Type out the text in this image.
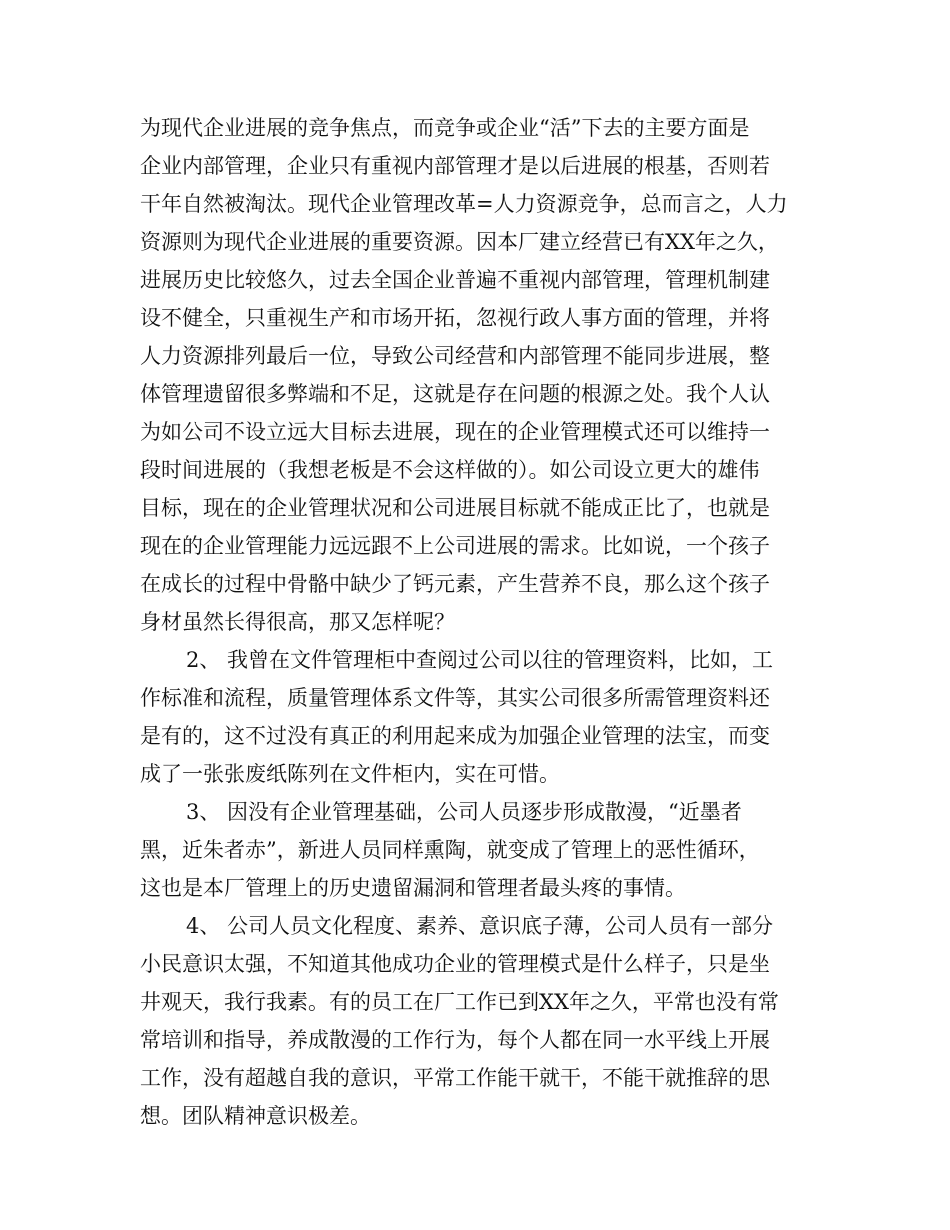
为现代企业进展的竞争焦点，而竞争或企业“活”下去的主要方面是
企业内部管理，企业只有重视内部管理才是以后进展的根基，否则若
干年自然被淘汰。现代企业管理改革=人力资源竞争，总而言之，人力
资源则为现代企业进展的重要资源。因本厂建立经营已有XX年之久，
进展历史比较悠久，过去全国企业普遍不重视内部管理，管理机制建
设不健全，只重视生产和市场开拓，忽视行政人事方面的管理，并将
人力资源排列最后一位，导致公司经营和内部管理不能同步进展，整
体管理遗留很多弊端和不足，这就是存在问题的根源之处。我个人认
为如公司不设立远大目标去进展，现在的企业管理模式还可以维持一
段时间进展的（我想老板是不会这样做的）。如公司设立更大的雄伟
目标，现在的企业管理状况和公司进展目标就不能成正比了，也就是
现在的企业管理能力远远跟不上公司进展的需求。比如说，一个孩子
在成长的过程中骨骼中缺少了钙元素，产生营养不良，那么这个孩子
身材虽然长得很高，那又怎样呢？
2、 我曾在文件管理柜中查阅过公司以往的管理资料，比如，工
作标准和流程，质量管理体系文件等，其实公司很多所需管理资料还
是有的，这不过没有真正的利用起来成为加强企业管理的法宝，而变
成了一张张废纸陈列在文件柜内，实在可惜。
3、 因没有企业管理基础，公司人员逐步形成散漫，“近墨者
黑，近朱者赤”，新进人员同样熏陶，就变成了管理上的恶性循环，
这也是本厂管理上的历史遗留漏洞和管理者最头疼的事情。
4、 公司人员文化程度、素养、意识底子薄，公司人员有一部分
小民意识太强，不知道其他成功企业的管理模式是什么样子，只是坐
井观天，我行我素。有的员工在厂工作已到XX年之久，平常也没有常
常培训和指导，养成散漫的工作行为，每个人都在同一水平线上开展
工作，没有超越自我的意识，平常工作能干就干，不能干就推辞的思
想。团队精神意识极差。
